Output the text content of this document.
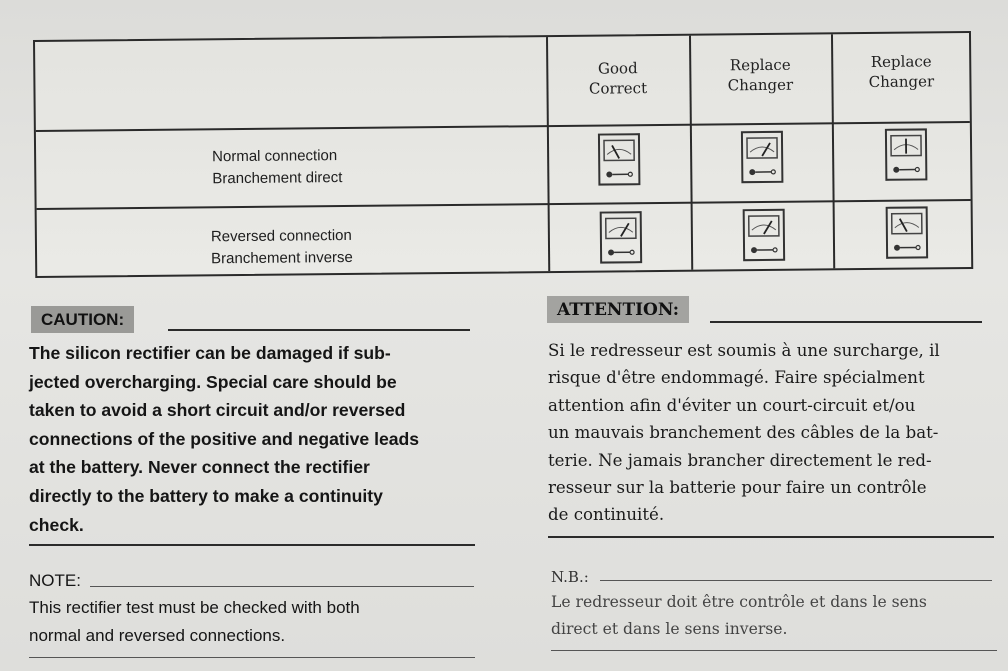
Good
Correct
Replace
Changer
Replace
Changer
Normal connection
Branchement direct
Reversed connection
Branchement inverse
CAUTION:
The silicon rectifier can be damaged if sub-
jected overcharging. Special care should be
taken to avoid a short circuit and/or reversed
connections of the positive and negative leads
at the battery. Never connect the rectifier
directly to the battery to make a continuity
check.
ATTENTION:
Si le redresseur est soumis à une surcharge, il
risque d'être endommagé. Faire spécialment
attention afin d'éviter un court-circuit et/ou
un mauvais branchement des câbles de la bat-
terie. Ne jamais brancher directement le red-
resseur sur la batterie pour faire un contrôle
de continuité.
NOTE:
This rectifier test must be checked with both
normal and reversed connections.
N.B.:
Le redresseur doit être contrôle et dans le sens
direct et dans le sens inverse.
